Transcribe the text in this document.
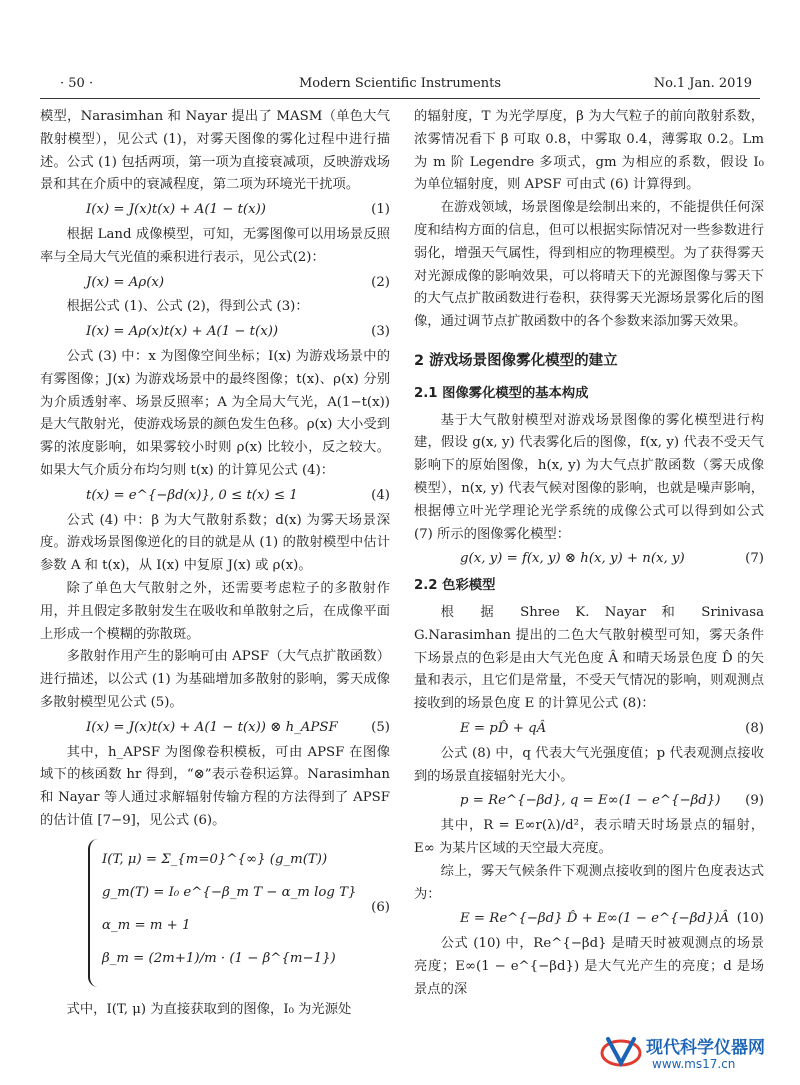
· 50 ·	Modern Scientific Instruments	No.1 Jan. 2019

模型，Narasimhan 和 Nayar 提出了 MASM（单色大气散射模型），见公式 (1)，对雾天图像的雾化过程中进行描述。公式 (1) 包括两项，第一项为直接衰减项，反映游戏场景和其在介质中的衰减程度，第二项为环境光干扰项。

I(x) = J(x)t(x) + A(1 − t(x))	(1)

根据 Land 成像模型，可知，无雾图像可以用场景反照率与全局大气光值的乘积进行表示，见公式(2)：

J(x) = Aρ(x)	(2)

根据公式 (1)、公式 (2)，得到公式 (3)：

I(x) = Aρ(x)t(x) + A(1 − t(x))	(3)

公式 (3) 中：x 为图像空间坐标；I(x) 为游戏场景中的有雾图像；J(x) 为游戏场景中的最终图像；t(x)、ρ(x) 分别为介质透射率、场景反照率；A 为全局大气光，A(1−t(x)) 是大气散射光，使游戏场景的颜色发生色移。ρ(x) 大小受到雾的浓度影响，如果雾较小时则 ρ(x) 比较小，反之较大。如果大气介质分布均匀则 t(x) 的计算见公式 (4)：

t(x) = e^{−βd(x)}, 0 ≤ t(x) ≤ 1	(4)

公式 (4) 中：β 为大气散射系数；d(x) 为雾天场景深度。游戏场景图像逆化的目的就是从 (1) 的散射模型中估计参数 A 和 t(x)，从 I(x) 中复原 J(x) 或 ρ(x)。

除了单色大气散射之外，还需要考虑粒子的多散射作用，并且假定多散射发生在吸收和单散射之后，在成像平面上形成一个模糊的弥散斑。

多散射作用产生的影响可由 APSF（大气点扩散函数）进行描述，以公式 (1) 为基础增加多散射的影响，雾天成像多散射模型见公式 (5)。

I(x) = J(x)t(x) + A(1 − t(x)) ⊗ h_APSF	(5)

其中，h_APSF 为图像卷积模板，可由 APSF 在图像域下的核函数 hr 得到，“⊗”表示卷积运算。Narasimhan 和 Nayar 等人通过求解辐射传输方程的方法得到了 APSF 的估计值 [7−9]，见公式 (6)。

I(T, μ) = Σ_{m=0}^{∞} (g_m(T))
g_m(T) = I₀ e^{−β_m T − α_m log T}
α_m = m + 1
β_m = (2m+1)/m · (1 − β^{m−1})
(6)

式中，I(T, μ) 为直接获取到的图像，I₀ 为光源处

的辐射度，T 为光学厚度，β 为大气粒子的前向散射系数，浓雾情况看下 β 可取 0.8，中雾取 0.4，薄雾取 0.2。Lm 为 m 阶 Legendre 多项式，gm 为相应的系数，假设 I₀ 为单位辐射度，则 APSF 可由式 (6) 计算得到。

在游戏领域，场景图像是绘制出来的，不能提供任何深度和结构方面的信息，但可以根据实际情况对一些参数进行弱化，增强天气属性，得到相应的物理模型。为了获得雾天对光源成像的影响效果，可以将晴天下的光源图像与雾天下的大气点扩散函数进行卷积，获得雾天光源场景雾化后的图像，通过调节点扩散函数中的各个参数来添加雾天效果。

2 游戏场景图像雾化模型的建立
2.1 图像雾化模型的基本构成

基于大气散射模型对游戏场景图像的雾化模型进行构建，假设 g(x, y) 代表雾化后的图像，f(x, y) 代表不受天气影响下的原始图像，h(x, y) 为大气点扩散函数（雾天成像模型），n(x, y) 代表气候对图像的影响，也就是噪声影响，根据傅立叶光学理论光学系统的成像公式可以得到如公式 (7) 所示的图像雾化模型：

g(x, y) = f(x, y) ⊗ h(x, y) + n(x, y)	(7)
2.2 色彩模型

根 据 Shree K. Nayar 和 Srinivasa G.Narasimhan 提出的二色大气散射模型可知，雾天条件下场景点的色彩是由大气光色度 Â 和晴天场景色度 D̂ 的矢量和表示，且它们是常量，不受天气情况的影响，则观测点接收到的场景色度 E 的计算见公式 (8)：

E = pD̂ + qÂ	(8)

公式 (8) 中，q 代表大气光强度值；p 代表观测点接收到的场景直接辐射光大小。

p = Re^{−βd}, q = E∞(1 − e^{−βd}) (9)

其中，R = E∞r(λ)/d²，表示晴天时场景点的辐射，E∞ 为某片区域的天空最大亮度。

综上，雾天气候条件下观测点接收到的图片色度表达式为：

E = Re^{−βd} D̂ + E∞(1 − e^{−βd})Â (10)

公式 (10) 中，Re^{−βd} 是晴天时被观测点的场景亮度；E∞(1 − e^{−βd}) 是大气光产生的亮度；d 是场景点的深

现代科学仪器网
www.ms17.cn
